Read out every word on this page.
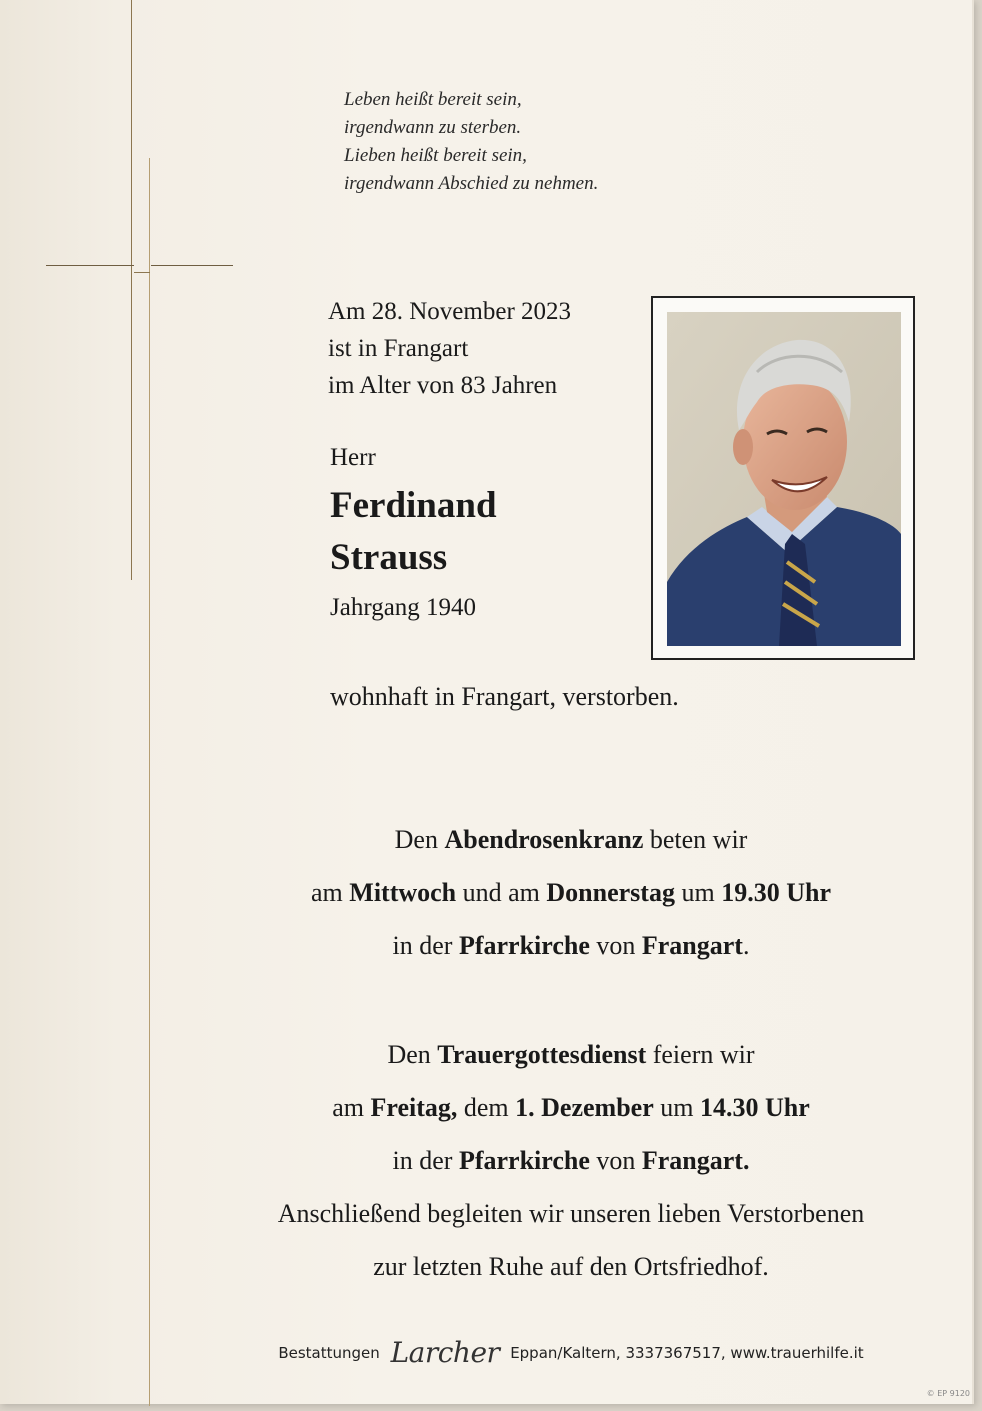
Leben heißt bereit sein,
irgendwann zu sterben.
Lieben heißt bereit sein,
irgendwann Abschied zu nehmen.
Am 28. November 2023
ist in Frangart
im Alter von 83 Jahren
Herr
Ferdinand
Strauss
Jahrgang 1940
wohnhaft in Frangart, verstorben.
Den Abendrosenkranz beten wir
am Mittwoch und am Donnerstag um 19.30 Uhr
in der Pfarrkirche von Frangart.
Den Trauergottesdienst feiern wir
am Freitag, dem 1. Dezember um 14.30 Uhr
in der Pfarrkirche von Frangart.
Anschließend begleiten wir unseren lieben Verstorbenen
zur letzten Ruhe auf den Ortsfriedhof.
Bestattungen Larcher Eppan/Kaltern, 3337367517, www.trauerhilfe.it
© EP 9120
